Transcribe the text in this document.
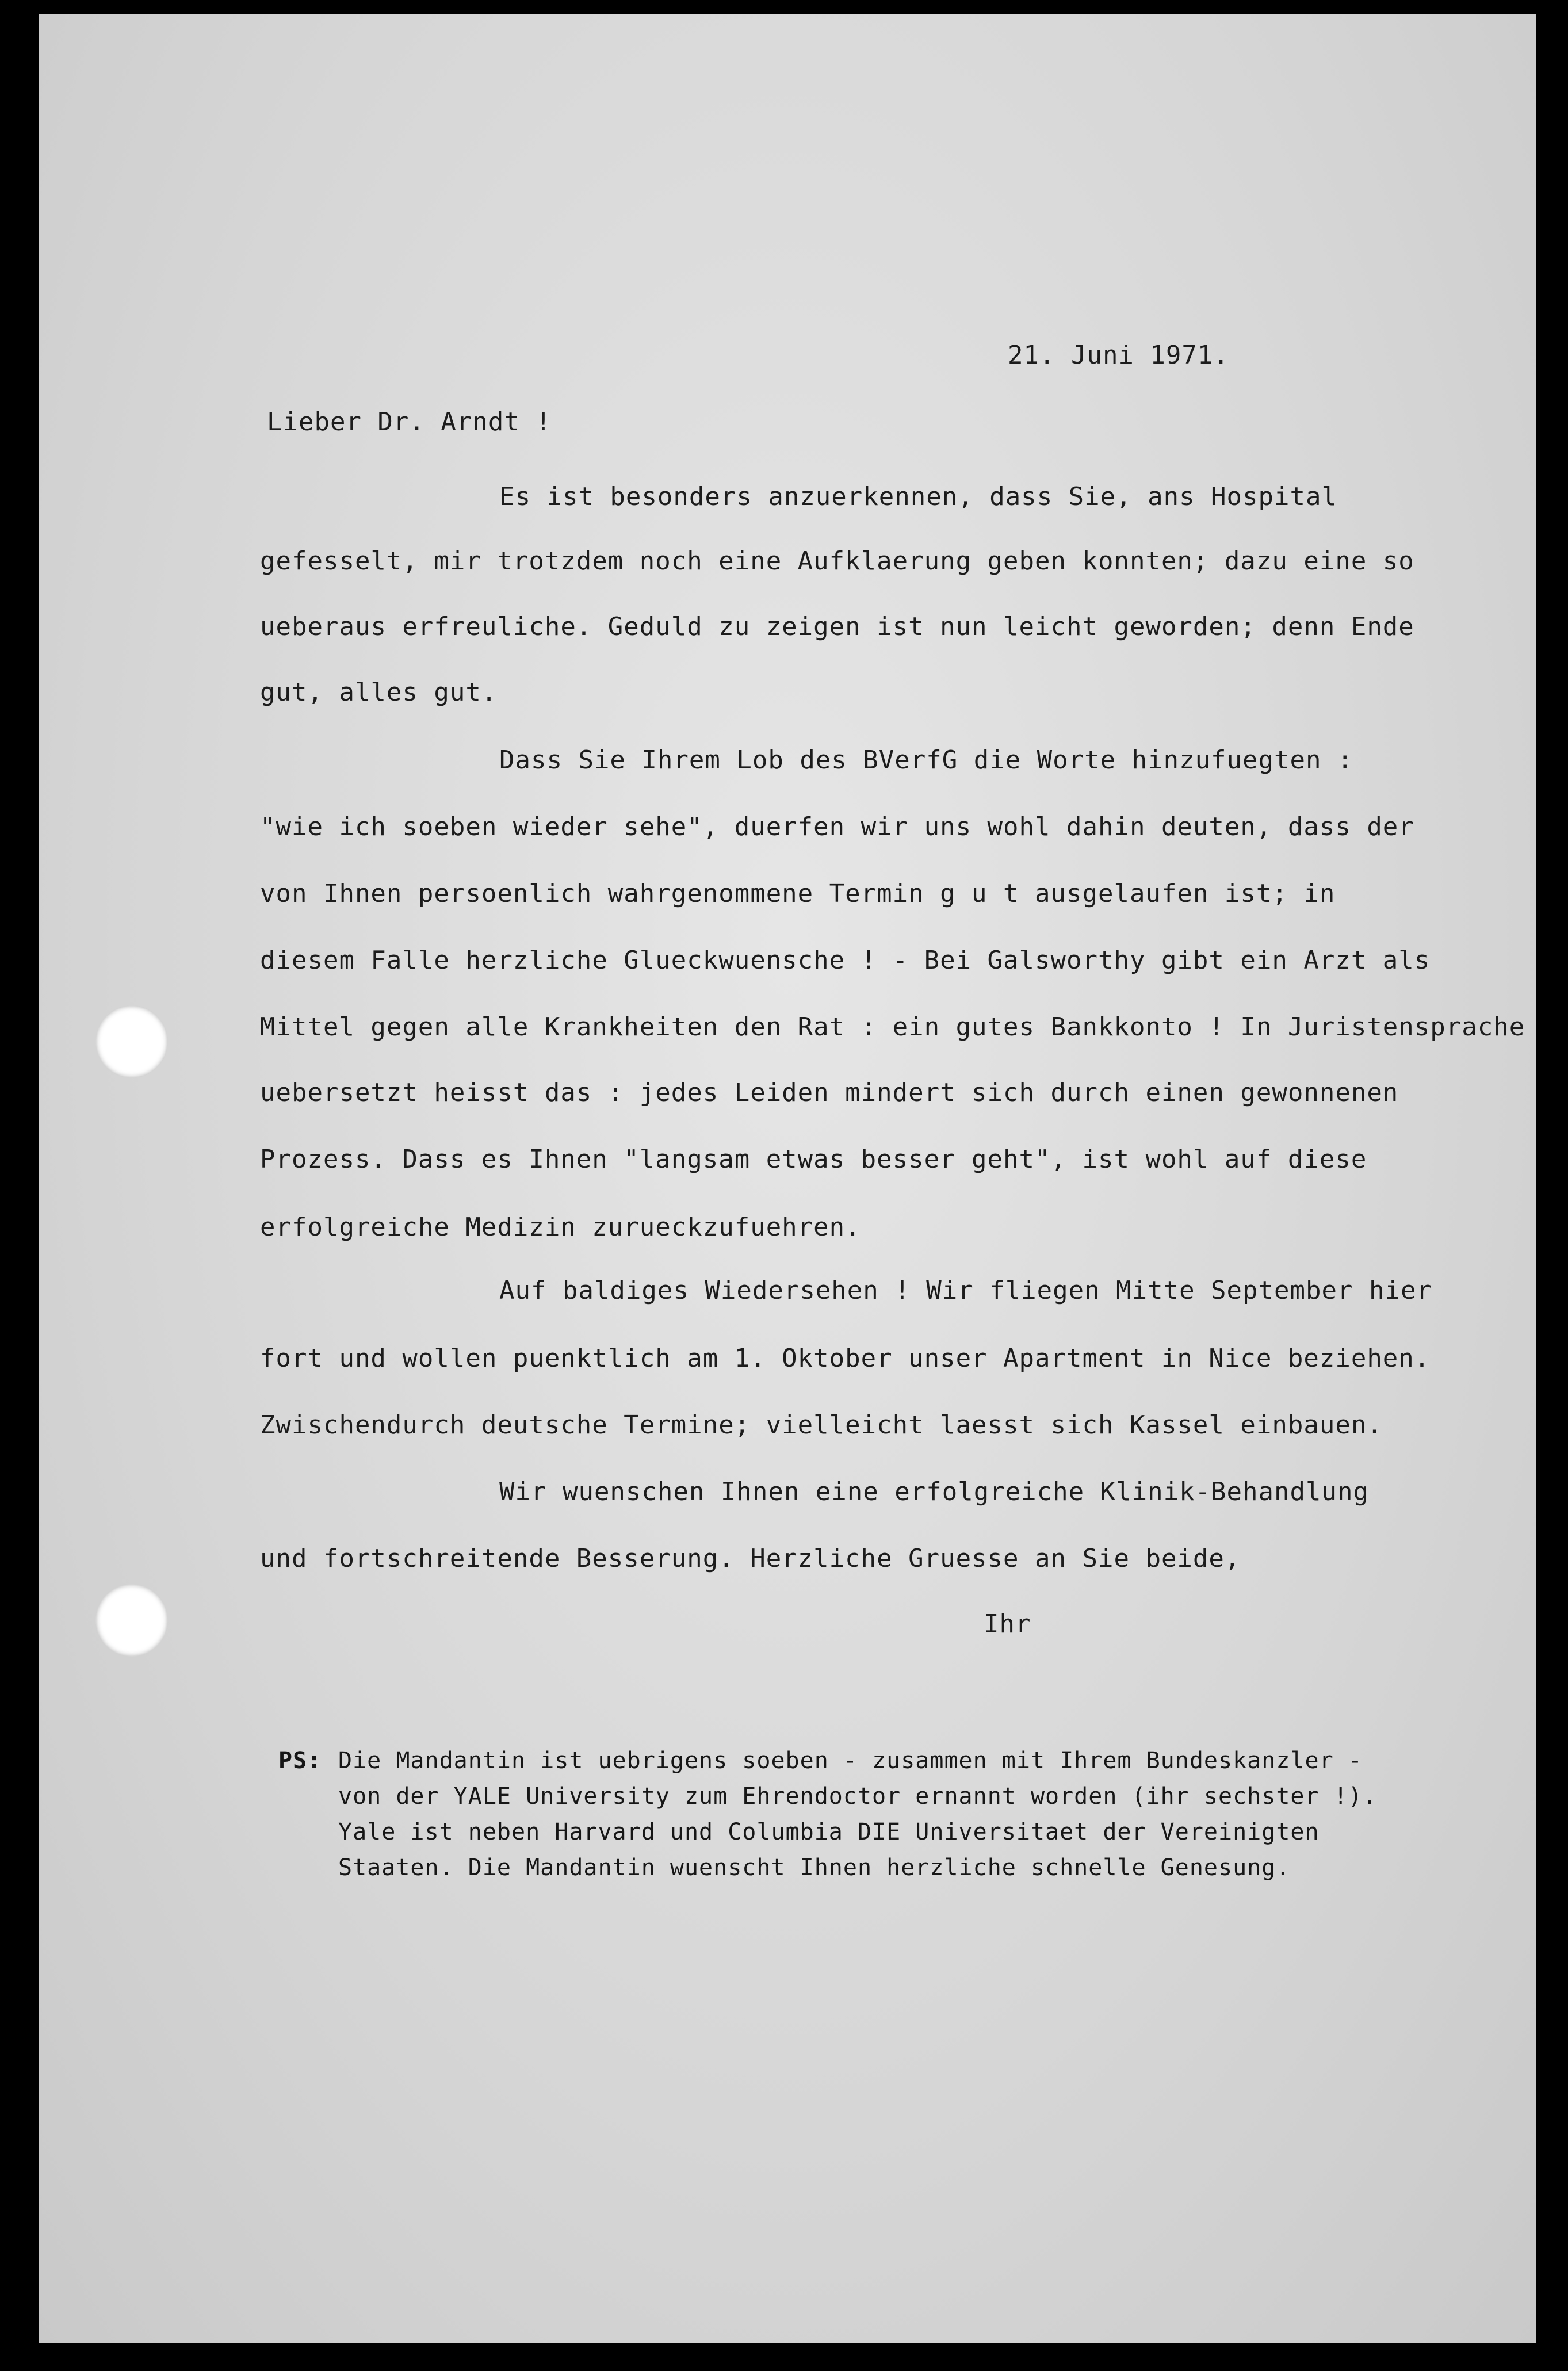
21. Juni 1971.
Lieber Dr. Arndt !
Es ist besonders anzuerkennen, dass Sie, ans Hospital
gefesselt, mir trotzdem noch eine Aufklaerung geben konnten; dazu eine so
ueberaus erfreuliche. Geduld zu zeigen ist nun leicht geworden; denn Ende
gut, alles gut.
Dass Sie Ihrem Lob des BVerfG die Worte hinzufuegten :
"wie ich soeben wieder sehe", duerfen wir uns wohl dahin deuten, dass der
von Ihnen persoenlich wahrgenommene Termin g u t ausgelaufen ist; in
diesem Falle herzliche Glueckwuensche ! - Bei Galsworthy gibt ein Arzt als
Mittel gegen alle Krankheiten den Rat : ein gutes Bankkonto ! In Juristensprache
uebersetzt heisst das : jedes Leiden mindert sich durch einen gewonnenen
Prozess. Dass es Ihnen "langsam etwas besser geht", ist wohl auf diese
erfolgreiche Medizin zurueckzufuehren.
Auf baldiges Wiedersehen ! Wir fliegen Mitte September hier
fort und wollen puenktlich am 1. Oktober unser Apartment in Nice beziehen.
Zwischendurch deutsche Termine; vielleicht laesst sich Kassel einbauen.
Wir wuenschen Ihnen eine erfolgreiche Klinik-Behandlung
und fortschreitende Besserung. Herzliche Gruesse an Sie beide,
Ihr
PS: Die Mandantin ist uebrigens soeben - zusammen mit Ihrem Bundeskanzler -
von der YALE University zum Ehrendoctor ernannt worden (ihr sechster !).
Yale ist neben Harvard und Columbia DIE Universitaet der Vereinigten
Staaten. Die Mandantin wuenscht Ihnen herzliche schnelle Genesung.
